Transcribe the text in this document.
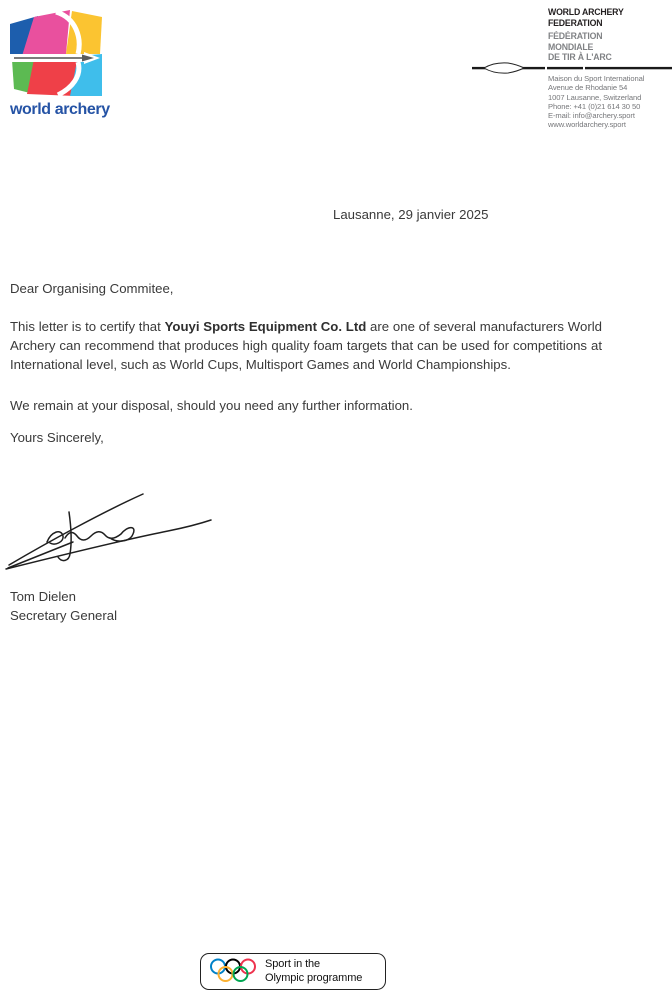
world archery
WORLD ARCHERY
FEDERATION
FÉDÉRATION
MONDIALE
DE TIR À L'ARC
Maison du Sport International
Avenue de Rhodanie 54
1007 Lausanne, Switzerland
Phone: +41 (0)21 614 30 50
E-mail: info@archery.sport
www.worldarchery.sport
Lausanne, 29 janvier 2025

Dear Organising Commitee,

This letter is to certify that Youyi Sports Equipment Co. Ltd are one of several manufacturers World Archery can recommend that produces high quality foam targets that can be used for competitions at International level, such as World Cups, Multisport Games and World Championships.

We remain at your disposal, should you need any further information.

Yours Sincerely,

Tom Dielen
Secretary General
Sport in the
Olympic programme
